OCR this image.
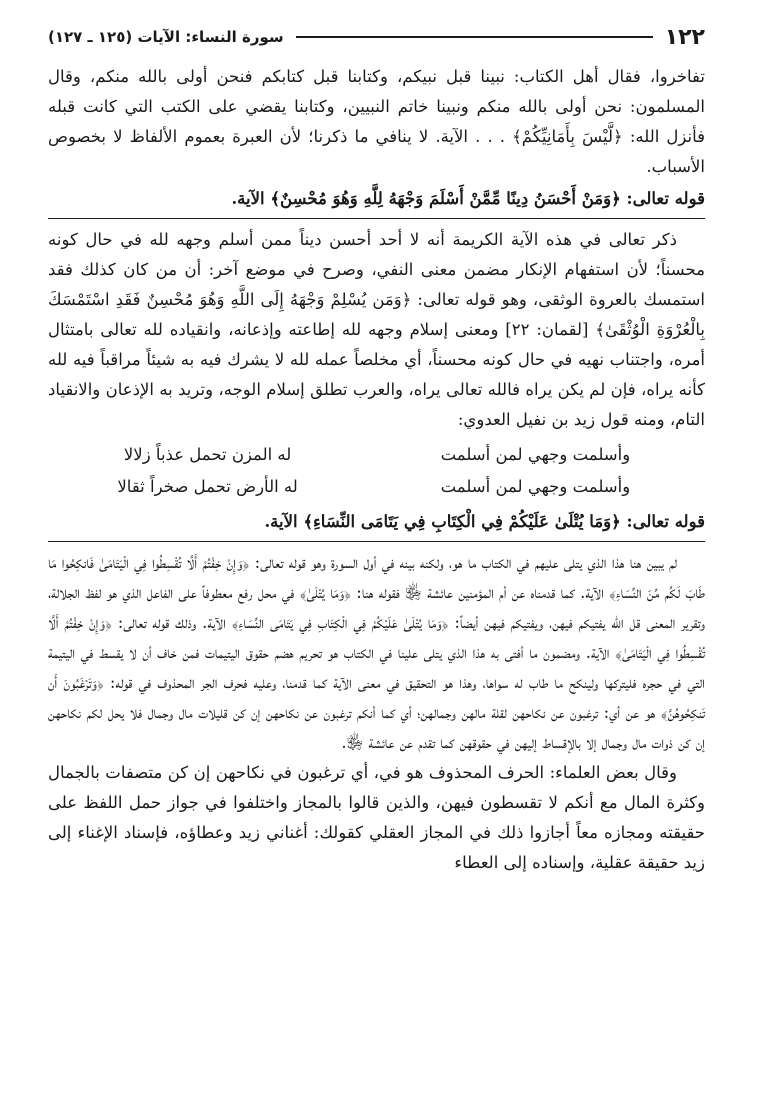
١٢٢
سورة النساء: الآيات (١٢٥ ـ ١٢٧)

تفاخروا، فقال أهل الكتاب: نبينا قبل نبيكم، وكتابنا قبل كتابكم فنحن أولى بالله منكم، وقال المسلمون: نحن أولى بالله منكم ونبينا خاتم النبيين، وكتابنا يقضي على الكتب التي كانت قبله فأنزل الله: ﴿لَّيْسَ بِأَمَانِيِّكُمْ﴾ . . . الآية. لا ينافي ما ذكرنا؛ لأن العبرة بعموم الألفاظ لا بخصوص الأسباب.

قوله تعالى: ﴿وَمَنْ أَحْسَنُ دِينًا مِّمَّنْ أَسْلَمَ وَجْهَهُ لِلَّهِ وَهُوَ مُحْسِنٌ﴾ الآية.

ذكر تعالى في هذه الآية الكريمة أنه لا أحد أحسن ديناً ممن أسلم وجهه لله في حال كونه محسناً؛ لأن استفهام الإنكار مضمن معنى النفي، وصرح في موضع آخر: أن من كان كذلك فقد استمسك بالعروة الوثقى، وهو قوله تعالى: ﴿وَمَن يُسْلِمْ وَجْهَهُ إِلَى اللَّهِ وَهُوَ مُحْسِنٌ فَقَدِ اسْتَمْسَكَ بِالْعُرْوَةِ الْوُثْقَىٰ﴾ [لقمان: ٢٢] ومعنى إسلام وجهه لله إطاعته وإذعانه، وانقياده لله تعالى بامتثال أمره، واجتناب نهيه في حال كونه محسناً، أي مخلصاً عمله لله لا يشرك فيه به شيئاً مراقباً فيه لله كأنه يراه، فإن لم يكن يراه فالله تعالى يراه، والعرب تطلق إسلام الوجه، وتريد به الإذعان والانقياد التام، ومنه قول زيد بن نفيل العدوي:

وأسلمت وجهي لمن أسلمت
له المزن تحمل عذباً زلالا
وأسلمت وجهي لمن أسلمت
له الأرض تحمل صخراً ثقالا
قوله تعالى: ﴿وَمَا يُتْلَىٰ عَلَيْكُمْ فِي الْكِتَابِ فِي يَتَامَى النِّسَاءِ﴾ الآية.

لم يبين هنا هذا الذي يتلى عليهم في الكتاب ما هو، ولكنه بينه في أول السورة وهو قوله تعالى: ﴿وَإِنْ خِفْتُمْ أَلَّا تُقْسِطُوا فِي الْيَتَامَىٰ فَانكِحُوا مَا طَابَ لَكُم مِّنَ النِّسَاءِ﴾ الآية. كما قدمناه عن أم المؤمنين عائشة ﵂ فقوله هنا: ﴿وَمَا يُتْلَىٰ﴾ في محل رفع معطوفاً على الفاعل الذي هو لفظ الجلالة، وتقرير المعنى قل الله يفتيكم فيهن، ويفتيكم فيهن أيضاً: ﴿وَمَا يُتْلَىٰ عَلَيْكُمْ فِي الْكِتَابِ فِي يَتَامَى النِّسَاءِ﴾ الآية. وذلك قوله تعالى: ﴿وَإِنْ خِفْتُمْ أَلَّا تُقْسِطُوا فِي الْيَتَامَىٰ﴾ الآية. ومضمون ما أفتى به هذا الذي يتلى علينا في الكتاب هو تحريم هضم حقوق اليتيمات فمن خاف أن لا يقسط في اليتيمة التي في حجره فليتركها ولينكح ما طاب له سواها، وهذا هو التحقيق في معنى الآية كما قدمنا، وعليه فحرف الجر المحذوف في قوله: ﴿وَتَرْغَبُونَ أَن تَنكِحُوهُنَّ﴾ هو عن أي: ترغبون عن نكاحهن لقلة مالهن وجمالهن؛ أي كما أنكم ترغبون عن نكاحهن إن كن قليلات مال وجمال فلا يحل لكم نكاحهن إن كن ذوات مال وجمال إلا بالإقساط إليهن في حقوقهن كما تقدم عن عائشة ﵂.

وقال بعض العلماء: الحرف المحذوف هو في، أي ترغبون في نكاحهن إن كن متصفات بالجمال وكثرة المال مع أنكم لا تقسطون فيهن، والذين قالوا بالمجاز واختلفوا في جواز حمل اللفظ على حقيقته ومجازه معاً أجازوا ذلك في المجاز العقلي كقولك: أغناني زيد وعطاؤه، فإسناد الإغناء إلى زيد حقيقة عقلية، وإسناده إلى العطاء
